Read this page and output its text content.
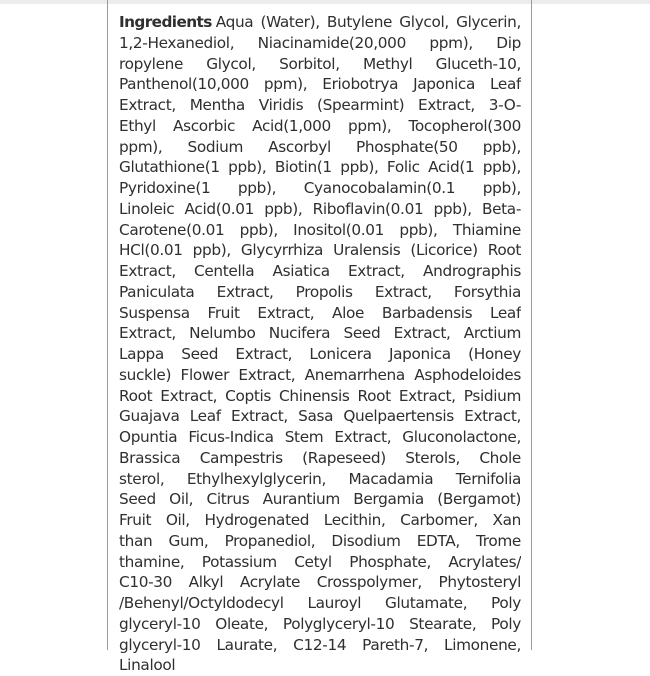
Ingredients Aqua (Water), Butylene Glycol, Glycerin,
1,2-Hexanediol, Niacinamide(20,000 ppm), Dip
ropylene Glycol, Sorbitol, Methyl Gluceth-10,
Panthenol(10,000 ppm), Eriobotrya Japonica Leaf
Extract, Mentha Viridis (Spearmint) Extract, 3-O-
Ethyl Ascorbic Acid(1,000 ppm), Tocopherol(300
ppm), Sodium Ascorbyl Phosphate(50 ppb),
Glutathione(1 ppb), Biotin(1 ppb), Folic Acid(1 ppb),
Pyridoxine(1 ppb), Cyanocobalamin(0.1 ppb),
Linoleic Acid(0.01 ppb), Riboflavin(0.01 ppb), Beta-
Carotene(0.01 ppb), Inositol(0.01 ppb), Thiamine
HCl(0.01 ppb), Glycyrrhiza Uralensis (Licorice) Root
Extract, Centella Asiatica Extract, Andrographis
Paniculata Extract, Propolis Extract, Forsythia
Suspensa Fruit Extract, Aloe Barbadensis Leaf
Extract, Nelumbo Nucifera Seed Extract, Arctium
Lappa Seed Extract, Lonicera Japonica (Honey
suckle) Flower Extract, Anemarrhena Asphodeloides
Root Extract, Coptis Chinensis Root Extract, Psidium
Guajava Leaf Extract, Sasa Quelpaertensis Extract,
Opuntia Ficus-Indica Stem Extract, Gluconolactone,
Brassica Campestris (Rapeseed) Sterols, Chole
sterol, Ethylhexylglycerin, Macadamia Ternifolia
Seed Oil, Citrus Aurantium Bergamia (Bergamot)
Fruit Oil, Hydrogenated Lecithin, Carbomer, Xan
than Gum, Propanediol, Disodium EDTA, Trome
thamine, Potassium Cetyl Phosphate, Acrylates/
C10-30 Alkyl Acrylate Crosspolymer, Phytosteryl
/Behenyl/Octyldodecyl Lauroyl Glutamate, Poly
glyceryl-10 Oleate, Polyglyceryl-10 Stearate, Poly
glyceryl-10 Laurate, C12-14 Pareth-7, Limonene,
Linalool
